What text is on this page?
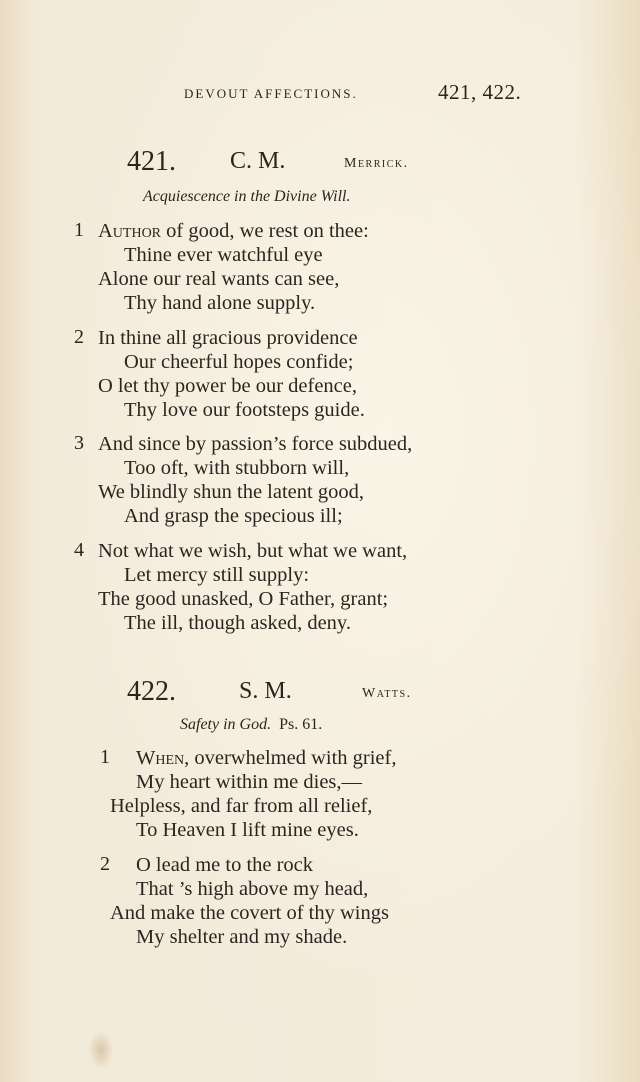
DEVOUT AFFECTIONS.	421, 422.
421. C. M.	Merrick.
Acquiescence in the Divine Will.
1 Author of good, we rest on thee:
Thine ever watchful eye
Alone our real wants can see,
Thy hand alone supply.
2 In thine all gracious providence
Our cheerful hopes confide;
O let thy power be our defence,
Thy love our footsteps guide.
3 And since by passion’s force subdued,
Too oft, with stubborn will,
We blindly shun the latent good,
And grasp the specious ill;
4 Not what we wish, but what we want,
Let mercy still supply:
The good unasked, O Father, grant;
The ill, though asked, deny.
422.	S. M.	Watts.
Safety in God. Ps. 61.
1 When, overwhelmed with grief,
My heart within me dies,—
Helpless, and far from all relief,
To Heaven I lift mine eyes.
2 O lead me to the rock
That ’s high above my head,
And make the covert of thy wings
My shelter and my shade.
